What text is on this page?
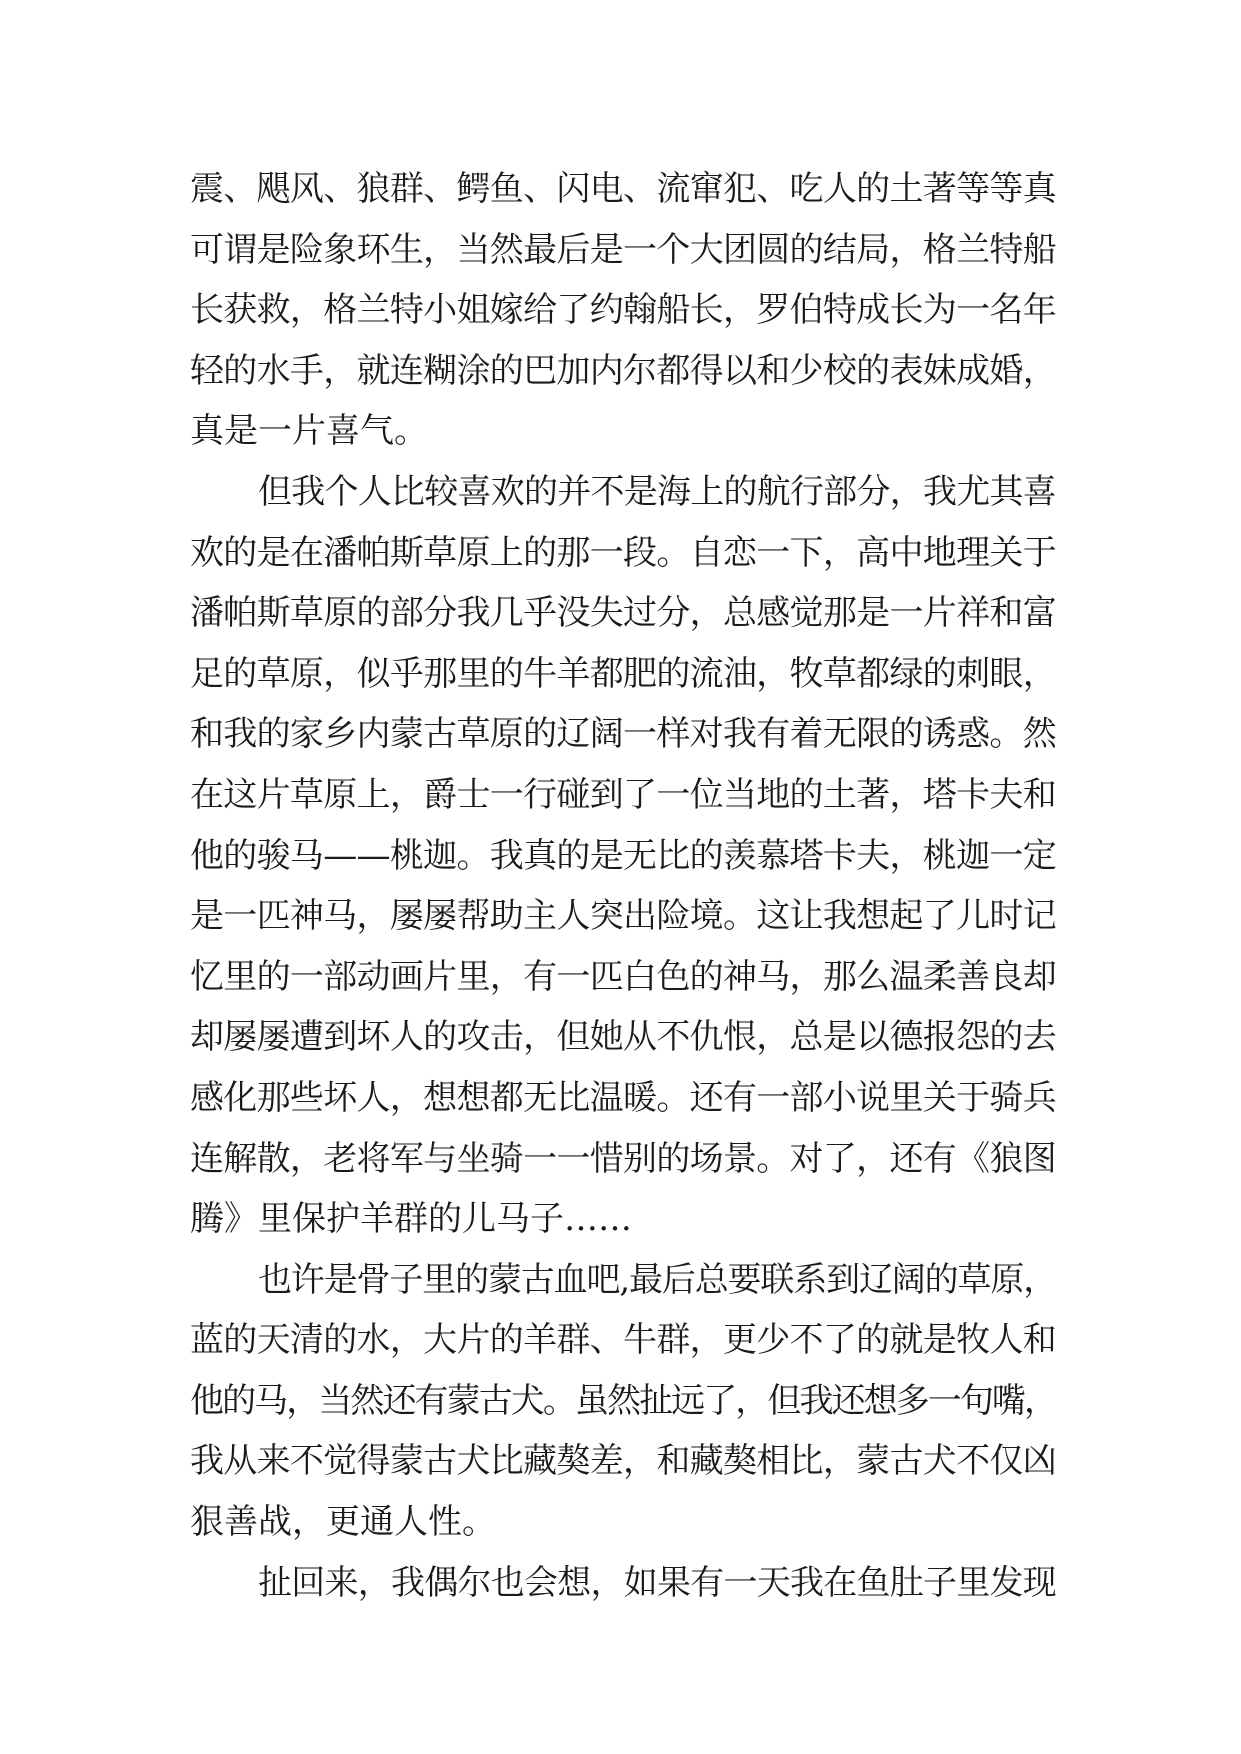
震、飓风、狼群、鳄鱼、闪电、流窜犯、吃人的土著等等真
可谓是险象环生，当然最后是一个大团圆的结局，格兰特船
长获救，格兰特小姐嫁给了约翰船长，罗伯特成长为一名年
轻的水手，就连糊涂的巴加内尔都得以和少校的表妹成婚，
真是一片喜气。
但我个人比较喜欢的并不是海上的航行部分，我尤其喜
欢的是在潘帕斯草原上的那一段。自恋一下，高中地理关于
潘帕斯草原的部分我几乎没失过分，总感觉那是一片祥和富
足的草原，似乎那里的牛羊都肥的流油，牧草都绿的刺眼，
和我的家乡内蒙古草原的辽阔一样对我有着无限的诱惑。然
在这片草原上，爵士一行碰到了一位当地的土著，塔卡夫和
他的骏马——桃迦。我真的是无比的羡慕塔卡夫，桃迦一定
是一匹神马，屡屡帮助主人突出险境。这让我想起了儿时记
忆里的一部动画片里，有一匹白色的神马，那么温柔善良却
却屡屡遭到坏人的攻击，但她从不仇恨，总是以德报怨的去
感化那些坏人，想想都无比温暖。还有一部小说里关于骑兵
连解散，老将军与坐骑一一惜别的场景。对了，还有《狼图
腾》里保护羊群的儿马子……
也许是骨子里的蒙古血吧,最后总要联系到辽阔的草原，
蓝的天清的水，大片的羊群、牛群，更少不了的就是牧人和
他的马，当然还有蒙古犬。虽然扯远了，但我还想多一句嘴，
我从来不觉得蒙古犬比藏獒差，和藏獒相比，蒙古犬不仅凶
狠善战，更通人性。
扯回来，我偶尔也会想，如果有一天我在鱼肚子里发现
